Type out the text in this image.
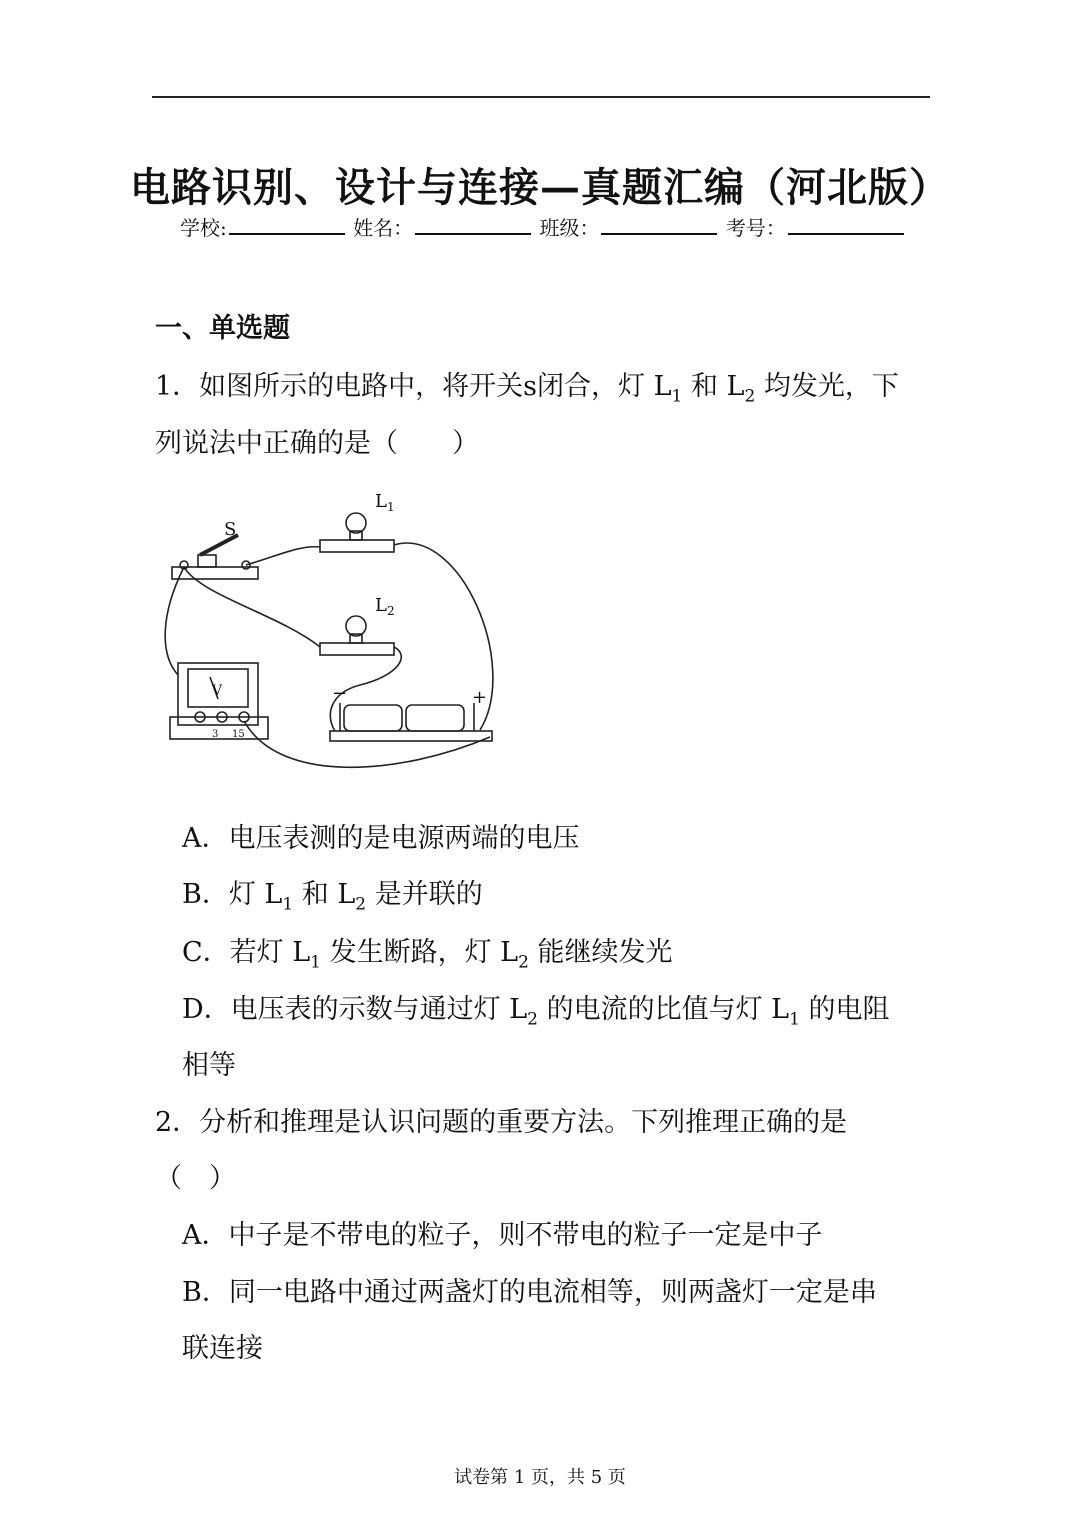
电路识别、设计与连接—真题汇编（河北版）
学校:	姓名：	班级：	考号：
一、单选题
1．如图所示的电路中，将开关s闭合，灯 $L_1$ 和 $L_2$ 均发光，下
列说法中正确的是（　　）
S
$L_1$
$L_2$
−	+
V
3 15
A．电压表测的是电源两端的电压
B．灯 $L_1$ 和 $L_2$ 是并联的
C．若灯 $L_1$ 发生断路，灯 $L_2$ 能继续发光
D．电压表的示数与通过灯 $L_2$ 的电流的比值与灯 $L_1$ 的电阻
相等
2．分析和推理是认识问题的重要方法。下列推理正确的是
（　）
A．中子是不带电的粒子，则不带电的粒子一定是中子
B．同一电路中通过两盏灯的电流相等，则两盏灯一定是串
联连接
试卷第 1 页，共 5 页
